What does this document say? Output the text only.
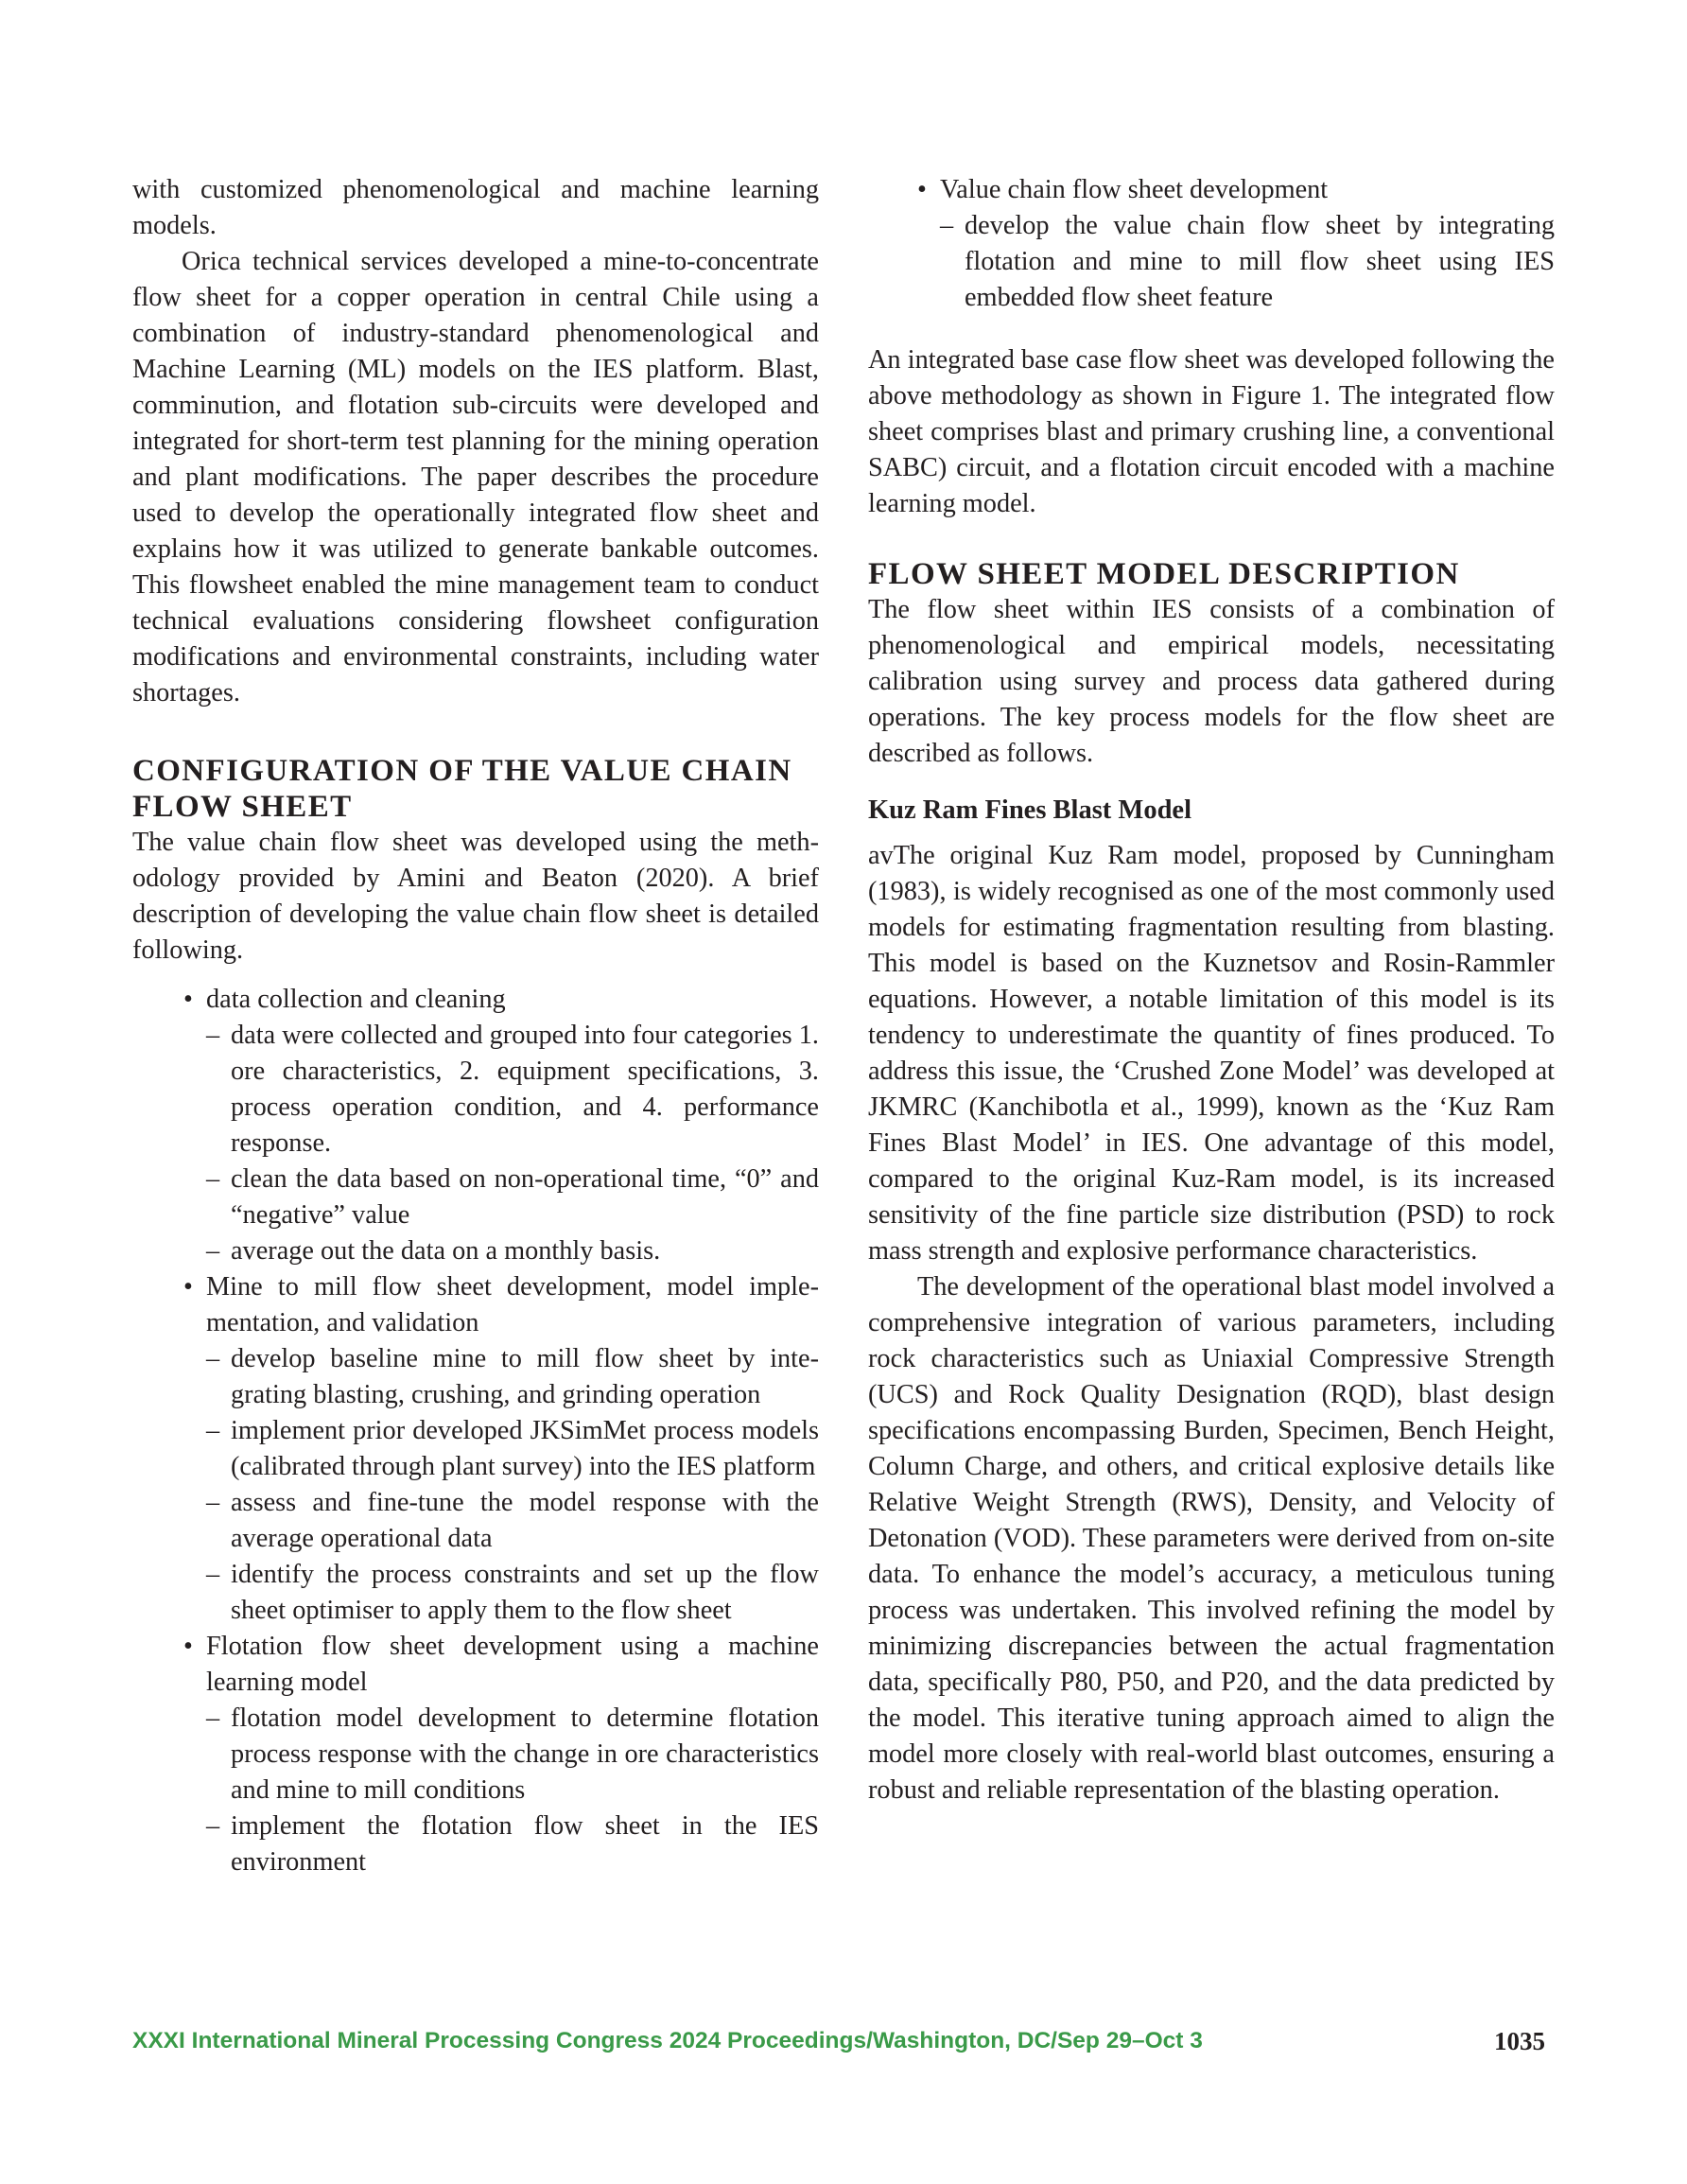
with customized phenomenological and machine learning models.

Orica technical services developed a mine-to-concentrate flow sheet for a copper operation in central Chile using a combination of industry-standard phenomenological and Machine Learning (ML) models on the IES platform. Blast, comminution, and flotation sub-circuits were developed and integrated for short-term test planning for the mining operation and plant modifications. The paper describes the procedure used to develop the operationally integrated flow sheet and explains how it was utilized to generate bankable outcomes. This flowsheet enabled the mine management team to conduct technical evaluations considering flowsheet configuration modifications and environmental constraints, including water shortages.

CONFIGURATION OF THE VALUE CHAIN FLOW SHEET

The value chain flow sheet was developed using the methodology provided by Amini and Beaton (2020). A brief description of developing the value chain flow sheet is detailed following.

• data collection and cleaning
– data were collected and grouped into four categories 1. ore characteristics, 2. equipment specifications, 3. process operation condition, and 4. performance response.
– clean the data based on non-operational time, “0” and “negative” value
– average out the data on a monthly basis.
• Mine to mill flow sheet development, model implementation, and validation
– develop baseline mine to mill flow sheet by integrating blasting, crushing, and grinding operation
– implement prior developed JKSimMet process models (calibrated through plant survey) into the IES platform
– assess and fine-tune the model response with the average operational data
– identify the process constraints and set up the flow sheet optimiser to apply them to the flow sheet
• Flotation flow sheet development using a machine learning model
– flotation model development to determine flotation process response with the change in ore characteristics and mine to mill conditions
– implement the flotation flow sheet in the IES environment
• Value chain flow sheet development
– develop the value chain flow sheet by integrating flotation and mine to mill flow sheet using IES embedded flow sheet feature

An integrated base case flow sheet was developed following the above methodology as shown in Figure 1. The integrated flow sheet comprises blast and primary crushing line, a conventional SABC) circuit, and a flotation circuit encoded with a machine learning model.

FLOW SHEET MODEL DESCRIPTION

The flow sheet within IES consists of a combination of phenomenological and empirical models, necessitating calibration using survey and process data gathered during operations. The key process models for the flow sheet are described as follows.

Kuz Ram Fines Blast Model

avThe original Kuz Ram model, proposed by Cunningham (1983), is widely recognised as one of the most commonly used models for estimating fragmentation resulting from blasting. This model is based on the Kuznetsov and Rosin-Rammler equations. However, a notable limitation of this model is its tendency to underestimate the quantity of fines produced. To address this issue, the ‘Crushed Zone Model’ was developed at JKMRC (Kanchibotla et al., 1999), known as the ‘Kuz Ram Fines Blast Model’ in IES. One advantage of this model, compared to the original Kuz-Ram model, is its increased sensitivity of the fine particle size distribution (PSD) to rock mass strength and explosive performance characteristics.

The development of the operational blast model involved a comprehensive integration of various parameters, including rock characteristics such as Uniaxial Compressive Strength (UCS) and Rock Quality Designation (RQD), blast design specifications encompassing Burden, Specimen, Bench Height, Column Charge, and others, and critical explosive details like Relative Weight Strength (RWS), Density, and Velocity of Detonation (VOD). These parameters were derived from on-site data. To enhance the model’s accuracy, a meticulous tuning process was undertaken. This involved refining the model by minimizing discrepancies between the actual fragmentation data, specifically P80, P50, and P20, and the data predicted by the model. This iterative tuning approach aimed to align the model more closely with real-world blast outcomes, ensuring a robust and reliable representation of the blasting operation.

XXXI International Mineral Processing Congress 2024 Proceedings/Washington, DC/Sep 29–Oct 3	1035
